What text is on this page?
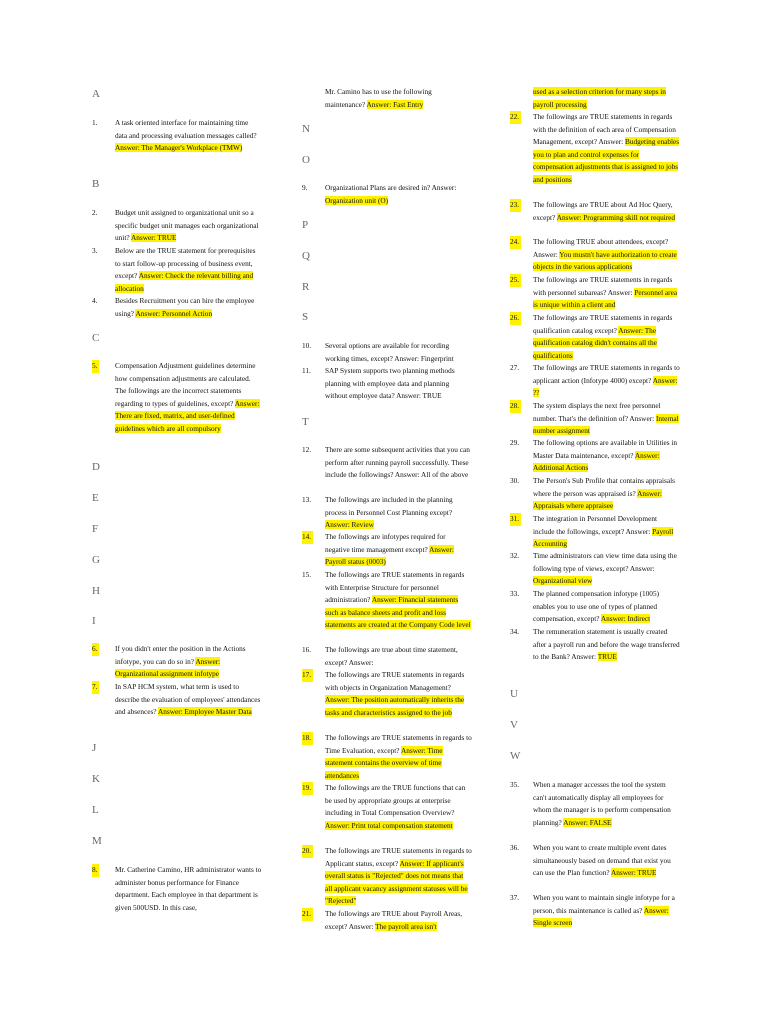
A
1.	A task oriented interface for maintaining time data and processing evaluation messages called? Answer: The Manager's Workplace (TMW)
B
2.	Budget unit assigned to organizational unit so a specific budget unit manages each organizational unit? Answer: TRUE
3.	Below are the TRUE statement for prerequisites to start follow-up processing of business event, except? Answer: Check the relevant billing and allocation
4.	Besides Recruitment you can hire the employee using? Answer: Personnel Action
C
5. Compensation Adjustment guidelines determine how compensation adjustments are calculated. The followings are the incorrect statements regarding to types of guidelines, except? Answer: There are fixed, matrix, and user-defined guidelines which are all compulsory
D
E
F
G
H
I
6. If you didn't enter the position in the Actions infotype, you can do so in? Answer: Organizational assignment infotype
7. In SAP HCM system, what term is used to describe the evaluation of employees' attendances and absences? Answer: Employee Master Data
J
K
L
M
8. Mr. Catherine Camino, HR administrator wants to administer bonus performance for Finance department. Each employee in that department is given 500USD. In this case,
Mr. Camino has to use the following maintenance? Answer: Fast Entry
N
O
9.	Organizational Plans are desired in? Answer: Organization unit (O)
P
Q
R
S
10.	Several options are available for recording working times, except? Answer: Fingerprint
11.	SAP System supports two planning methods planning with employee data and planning without employee data? Answer: TRUE
T
12.	There are some subsequent activities that you can perform after running payroll successfully. These include the followings? Answer: All of the above
13.	The followings are included in the planning process in Personnel Cost Planning except? Answer: Review
14. The followings are infotypes required for negative time management except? Answer: Payroll status (0003)
15.	The followings are TRUE statements in regards with Enterprise Structure for personnel administration? Answer: Financial statements such as balance sheets and profit and loss statements are created at the Company Code level
16.	The followings are true about time statement, except? Answer:
17. The followings are TRUE statements in regards with objects in Organization Management? Answer: The position automatically inherits the tasks and characteristics assigned to the job
18. The followings are TRUE statements in regards to Time Evaluation, except? Answer: Time statement contains the overview of time attendances
19. The followings are the TRUE functions that can be used by appropriate groups at enterprise including in Total Compensation Overview? Answer: Print total compensation statement
20. The followings are TRUE statements in regards to Applicant status, except? Answer: If applicant's overall status is "Rejected" does not means that all applicant vacancy assignment statuses will be "Rejected"
21. The followings are TRUE about Payroll Areas, except? Answer: The payroll area isn't
used as a selection criterion for many steps in payroll processing
22. The followings are TRUE statements in regards with the definition of each area of Compensation Management, except? Answer: Budgeting enables you to plan and control expenses for compensation adjustments that is assigned to jobs and positions
23. The followings are TRUE about Ad Hoc Query, except? Answer: Programming skill not required
24. The following TRUE about attendees, except? Answer: You mustn't have authorization to create objects in the various applications
25. The followings are TRUE statements in regards with personnel subareas? Answer: Personnel area is unique within a client and
26. The followings are TRUE statements in regards qualification catalog except? Answer: The qualification catalog didn't contains all the qualifications
27.	The followings are TRUE statements in regards to applicant action (Infotype 4000) except? Answer: ??
28. The system displays the next free personnel number. That's the definition of? Answer: Internal number assignment
29.	The following options are available in Utilities in Master Data maintenance, except? Answer: Additional Actions
30.	The Person's Sub Profile that contains appraisals where the person was appraised is? Answer: Appraisals where appraisee
31. The integration in Personnel Development include the followings, except? Answer: Payroll Accounting
32.	Time administrators can view time data using the following type of views, except? Answer: Organizational view
33.	The planned compensation infotype (1005) enables you to use one of types of planned compensation, except? Answer: Indirect
34.	The remuneration statement is usually created after a payroll run and before the wage transferred to the Bank? Answer: TRUE
U
V
W
35.	When a manager accesses the tool the system can't automatically display all employees for whom the manager is to perform compensation planning? Answer: FALSE
36.	When you want to create multiple event dates simultaneously based on demand that exist you can use the Plan function? Answer: TRUE
37.	When you want to maintain single infotype for a person, this maintenance is called as? Answer: Single screen
